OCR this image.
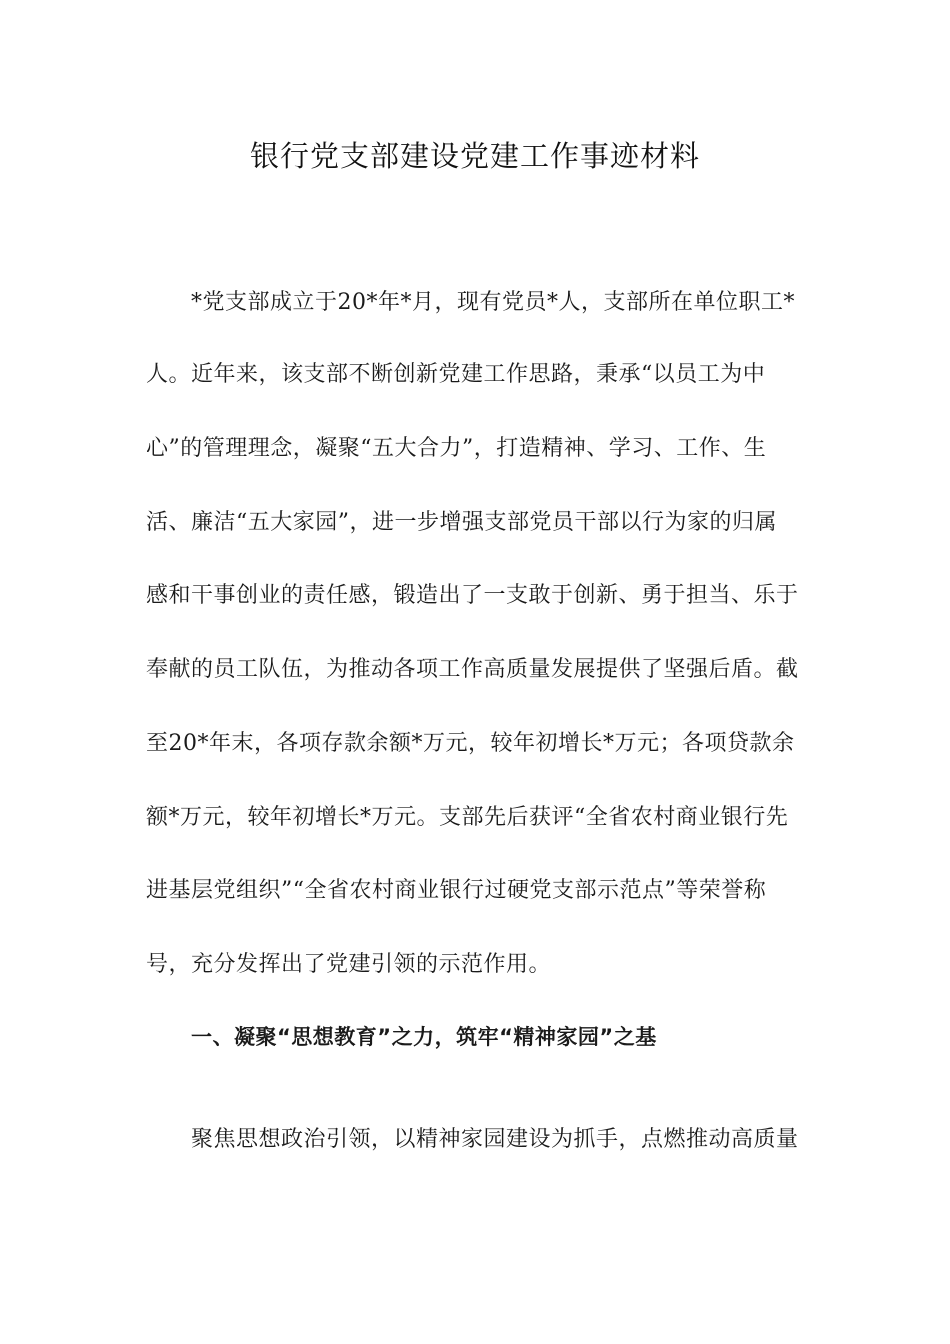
银行党支部建设党建工作事迹材料
*党支部成立于20*年*月，现有党员*人，支部所在单位职工*
人。近年来，该支部不断创新党建工作思路，秉承“以员工为中
心”的管理理念，凝聚“五大合力”，打造精神、学习、工作、生
活、廉洁“五大家园”，进一步增强支部党员干部以行为家的归属
感和干事创业的责任感，锻造出了一支敢于创新、勇于担当、乐于
奉献的员工队伍，为推动各项工作高质量发展提供了坚强后盾。截
至20*年末，各项存款余额*万元，较年初增长*万元；各项贷款余
额*万元，较年初增长*万元。支部先后获评“全省农村商业银行先
进基层党组织”“全省农村商业银行过硬党支部示范点”等荣誉称
号，充分发挥出了党建引领的示范作用。
一、凝聚“思想教育”之力，筑牢“精神家园”之基
聚焦思想政治引领，以精神家园建设为抓手，点燃推动高质量
